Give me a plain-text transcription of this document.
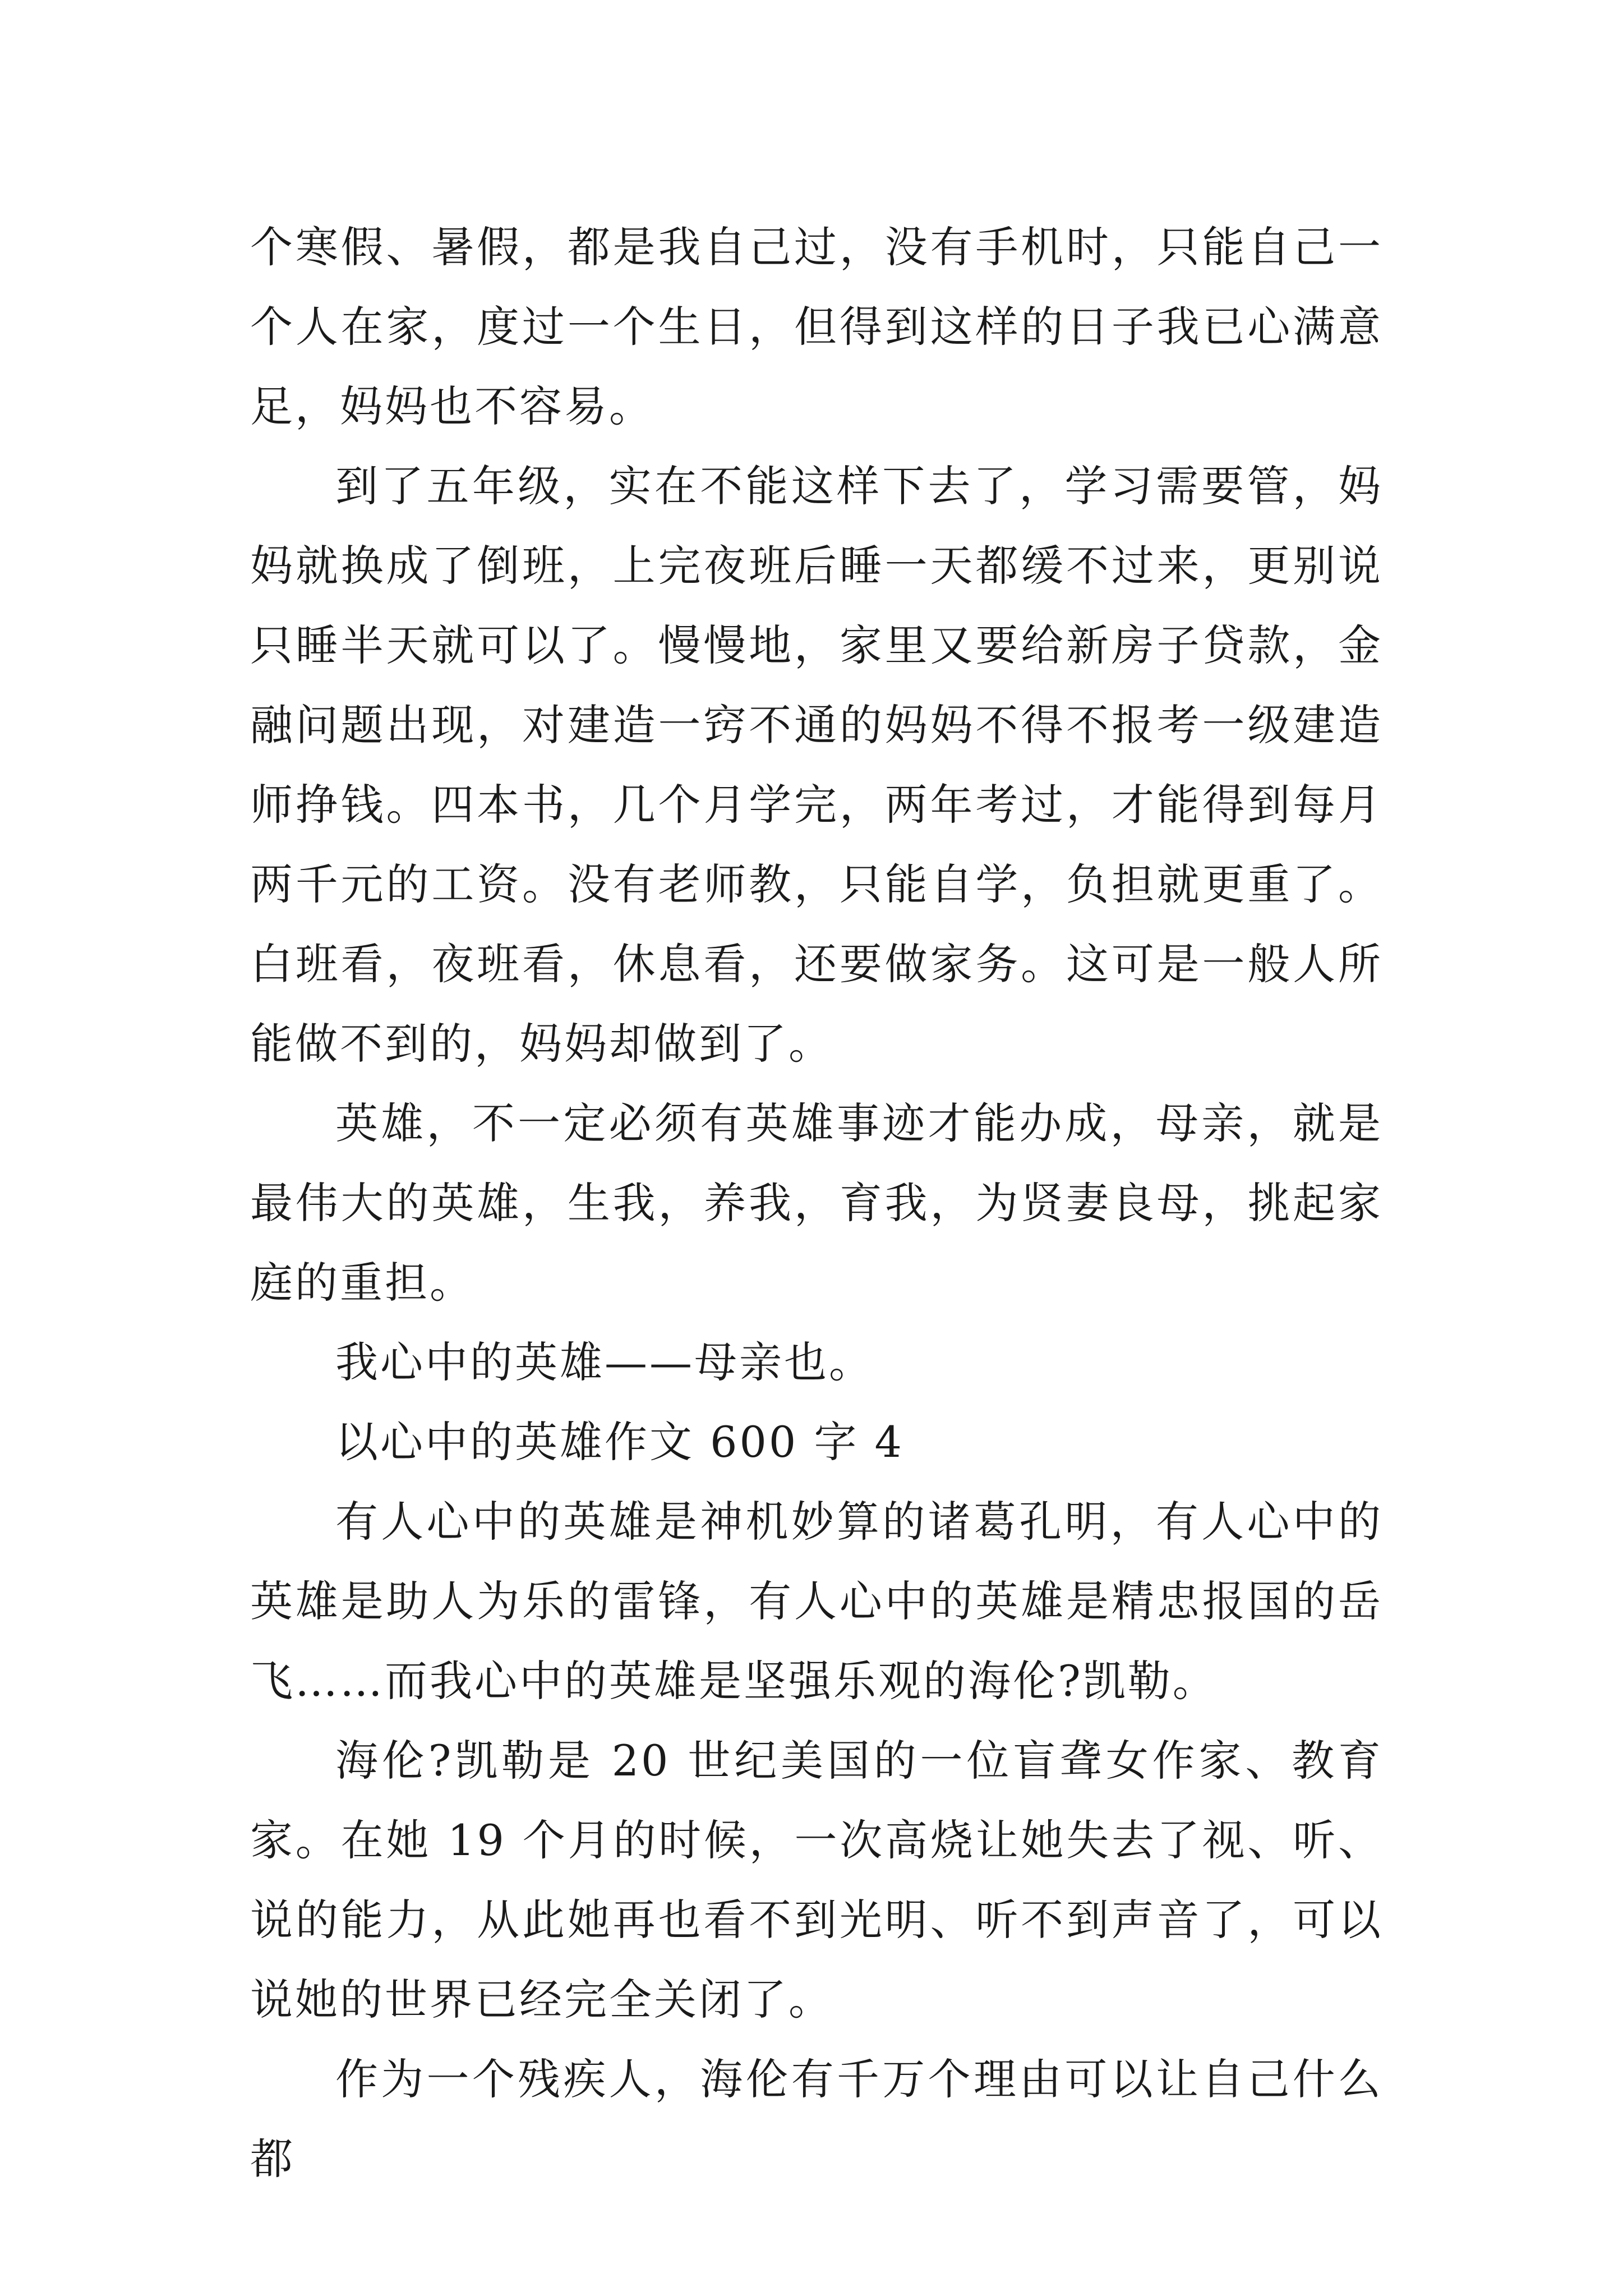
个寒假、暑假，都是我自己过，没有手机时，只能自己一个人在家，度过一个生日，但得到这样的日子我已心满意足，妈妈也不容易。

到了五年级，实在不能这样下去了，学习需要管，妈妈就换成了倒班，上完夜班后睡一天都缓不过来，更别说只睡半天就可以了。慢慢地，家里又要给新房子贷款，金融问题出现，对建造一窍不通的妈妈不得不报考一级建造师挣钱。四本书，几个月学完，两年考过，才能得到每月两千元的工资。没有老师教，只能自学，负担就更重了。白班看，夜班看，休息看，还要做家务。这可是一般人所能做不到的，妈妈却做到了。

英雄，不一定必须有英雄事迹才能办成，母亲，就是最伟大的英雄，生我，养我，育我，为贤妻良母，挑起家庭的重担。

我心中的英雄——母亲也。

以心中的英雄作文 600 字 4

有人心中的英雄是神机妙算的诸葛孔明，有人心中的英雄是助人为乐的雷锋，有人心中的英雄是精忠报国的岳飞……而我心中的英雄是坚强乐观的海伦?凯勒。

海伦?凯勒是 20 世纪美国的一位盲聋女作家、教育家。在她 19 个月的时候，一次高烧让她失去了视、听、说的能力，从此她再也看不到光明、听不到声音了，可以说她的世界已经完全关闭了。

作为一个残疾人，海伦有千万个理由可以让自己什么都
